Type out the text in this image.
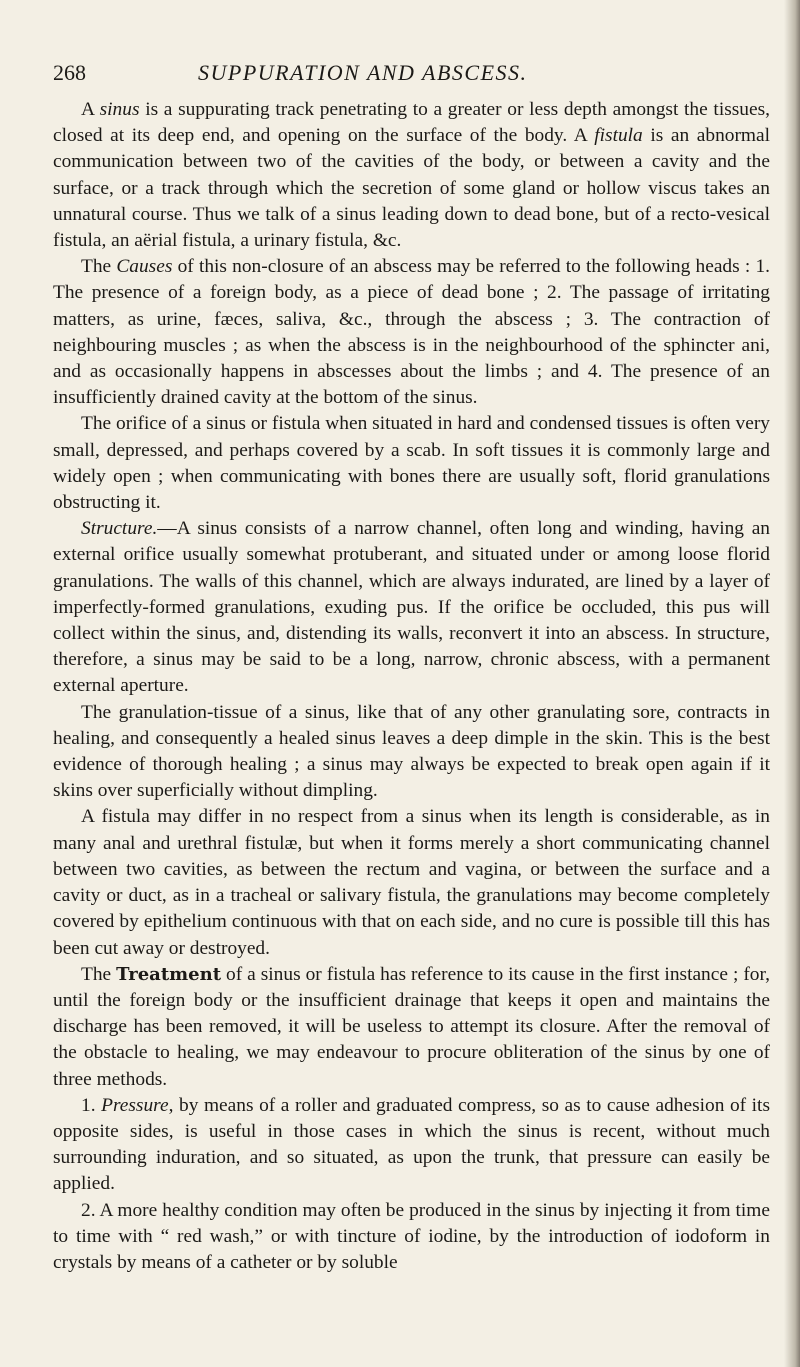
268	SUPPURATION AND ABSCESS.

A sinus is a suppurating track penetrating to a greater or less depth amongst the tissues, closed at its deep end, and opening on the surface of the body. A fistula is an abnormal communication between two of the cavities of the body, or between a cavity and the surface, or a track through which the secretion of some gland or hollow viscus takes an unnatural course. Thus we talk of a sinus leading down to dead bone, but of a recto-vesical fistula, an aërial fistula, a urinary fistula, &c.

The Causes of this non-closure of an abscess may be referred to the following heads : 1. The presence of a foreign body, as a piece of dead bone ; 2. The passage of irritating matters, as urine, fæces, saliva, &c., through the abscess ; 3. The contraction of neighbouring muscles ; as when the abscess is in the neighbourhood of the sphincter ani, and as occasionally happens in abscesses about the limbs ; and 4. The presence of an insufficiently drained cavity at the bottom of the sinus.

The orifice of a sinus or fistula when situated in hard and condensed tissues is often very small, depressed, and perhaps covered by a scab. In soft tissues it is commonly large and widely open ; when communicating with bones there are usually soft, florid granulations obstructing it.

Structure.—A sinus consists of a narrow channel, often long and winding, having an external orifice usually somewhat protuberant, and situated under or among loose florid granulations. The walls of this channel, which are always indurated, are lined by a layer of imperfectly-formed granulations, exuding pus. If the orifice be occluded, this pus will collect within the sinus, and, distending its walls, reconvert it into an abscess. In structure, therefore, a sinus may be said to be a long, narrow, chronic abscess, with a permanent external aperture.

The granulation-tissue of a sinus, like that of any other granulating sore, contracts in healing, and consequently a healed sinus leaves a deep dimple in the skin. This is the best evidence of thorough healing ; a sinus may always be expected to break open again if it skins over superficially without dimpling.

A fistula may differ in no respect from a sinus when its length is considerable, as in many anal and urethral fistulæ, but when it forms merely a short communicating channel between two cavities, as between the rectum and vagina, or between the surface and a cavity or duct, as in a tracheal or salivary fistula, the granulations may become completely covered by epithelium continuous with that on each side, and no cure is possible till this has been cut away or destroyed.

The Treatment of a sinus or fistula has reference to its cause in the first instance ; for, until the foreign body or the insufficient drainage that keeps it open and maintains the discharge has been removed, it will be useless to attempt its closure. After the removal of the obstacle to healing, we may endeavour to procure obliteration of the sinus by one of three methods.

1. Pressure, by means of a roller and graduated compress, so as to cause adhesion of its opposite sides, is useful in those cases in which the sinus is recent, without much surrounding induration, and so situated, as upon the trunk, that pressure can easily be applied.

2. A more healthy condition may often be produced in the sinus by injecting it from time to time with “ red wash,” or with tincture of iodine, by the introduction of iodoform in crystals by means of a catheter or by soluble
